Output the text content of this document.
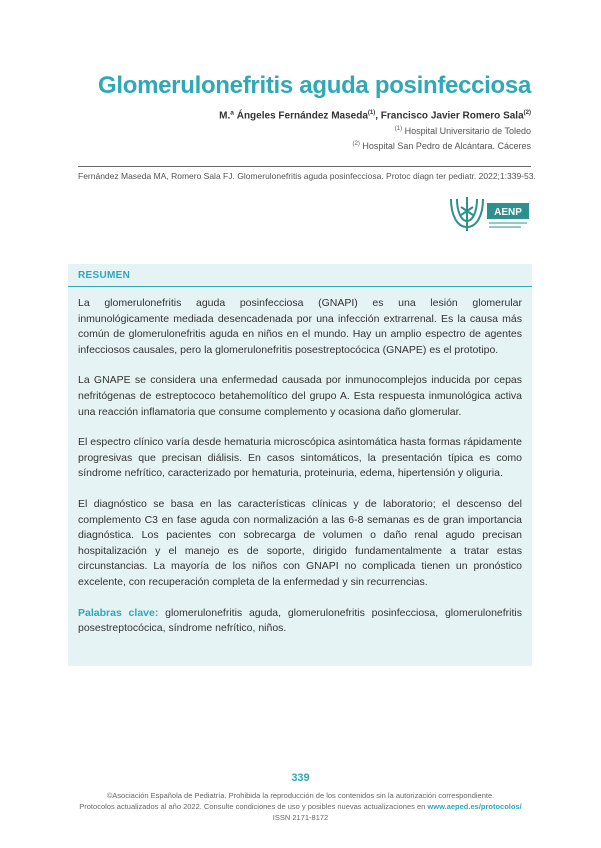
Glomerulonefritis aguda posinfecciosa
M.ª Ángeles Fernández Maseda$^{(1)}$, Francisco Javier Romero Sala$^{(2)}$
$^{(1)}$ Hospital Universitario de Toledo
$^{(2)}$ Hospital San Pedro de Alcántara. Cáceres
Fernández Maseda MA, Romero Sala FJ. Glomerulonefritis aguda posinfecciosa. Protoc diagn ter pediatr. 2022;1:339-53.
AENP
RESUMEN

La glomerulonefritis aguda posinfecciosa (GNAPI) es una lesión glomerular inmunológicamente mediada desencadenada por una infección extrarrenal. Es la causa más común de glomerulonefritis aguda en niños en el mundo. Hay un amplio espectro de agentes infecciosos causales, pero la glomerulonefritis posestreptocócica (GNAPE) es el prototipo.

La GNAPE se considera una enfermedad causada por inmunocomplejos inducida por cepas nefritógenas de estreptococo betahemolítico del grupo A. Esta respuesta inmunológica activa una reacción inflamatoria que consume complemento y ocasiona daño glomerular.

El espectro clínico varía desde hematuria microscópica asintomática hasta formas rápidamente progresivas que precisan diálisis. En casos sintomáticos, la presentación típica es como síndrome nefrítico, caracterizado por hematuria, proteinuria, edema, hipertensión y oliguria.

El diagnóstico se basa en las características clínicas y de laboratorio; el descenso del complemento C3 en fase aguda con normalización a las 6-8 semanas es de gran importancia diagnóstica. Los pacientes con sobrecarga de volumen o daño renal agudo precisan hospitalización y el manejo es de soporte, dirigido fundamentalmente a tratar estas circunstancias. La mayoría de los niños con GNAPI no complicada tienen un pronóstico excelente, con recuperación completa de la enfermedad y sin recurrencias.

Palabras clave: glomerulonefritis aguda, glomerulonefritis posinfecciosa, glomerulonefritis posestreptocócica, síndrome nefrítico, niños.

339
©Asociación Española de Pediatría. Prohibida la reproducción de los contenidos sin la autorización correspondiente.
Protocolos actualizados al año 2022. Consulte condiciones de uso y posibles nuevas actualizaciones en www.aeped.es/protocolos/
ISSN 2171-8172
